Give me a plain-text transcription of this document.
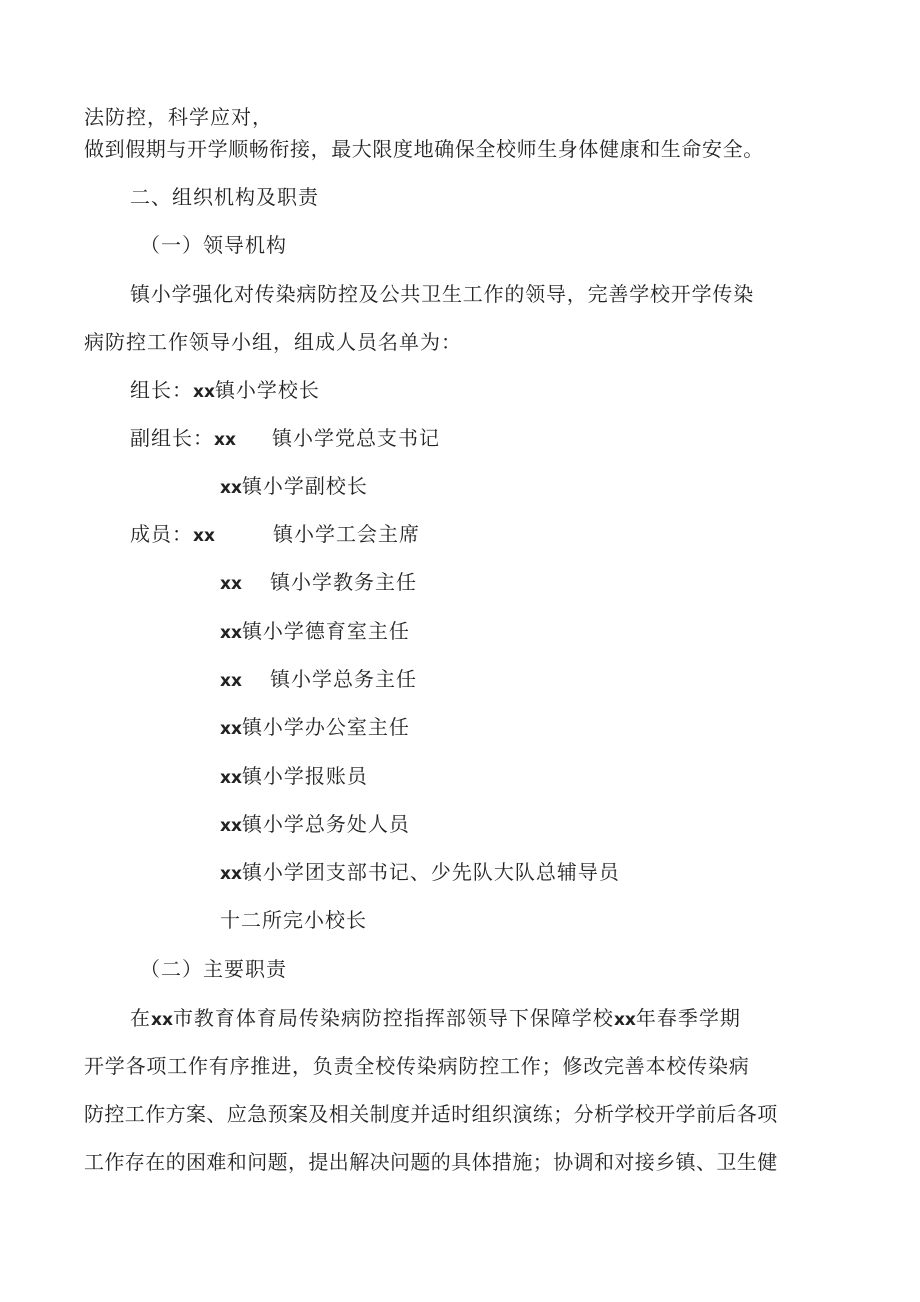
法防控，科学应对，
做到假期与开学顺畅衔接，最大限度地确保全校师生身体健康和生命安全。
二、组织机构及职责
（一）领导机构
镇小学强化对传染病防控及公共卫生工作的领导，完善学校开学传染
病防控工作领导小组，组成人员名单为：
组长：xx镇小学校长
副组长：xx 镇小学党总支书记
xx镇小学副校长
成员：xx	镇小学工会主席
xx 镇小学教务主任
xx镇小学德育室主任
xx 镇小学总务主任
xx镇小学办公室主任
xx镇小学报账员
xx镇小学总务处人员
xx镇小学团支部书记、少先队大队总辅导员
十二所完小校长
（二）主要职责
在xx市教育体育局传染病防控指挥部领导下保障学校xx年春季学期
开学各项工作有序推进，负责全校传染病防控工作；修改完善本校传染病
防控工作方案、应急预案及相关制度并适时组织演练；分析学校开学前后各项
工作存在的困难和问题，提出解决问题的具体措施；协调和对接乡镇、卫生健
